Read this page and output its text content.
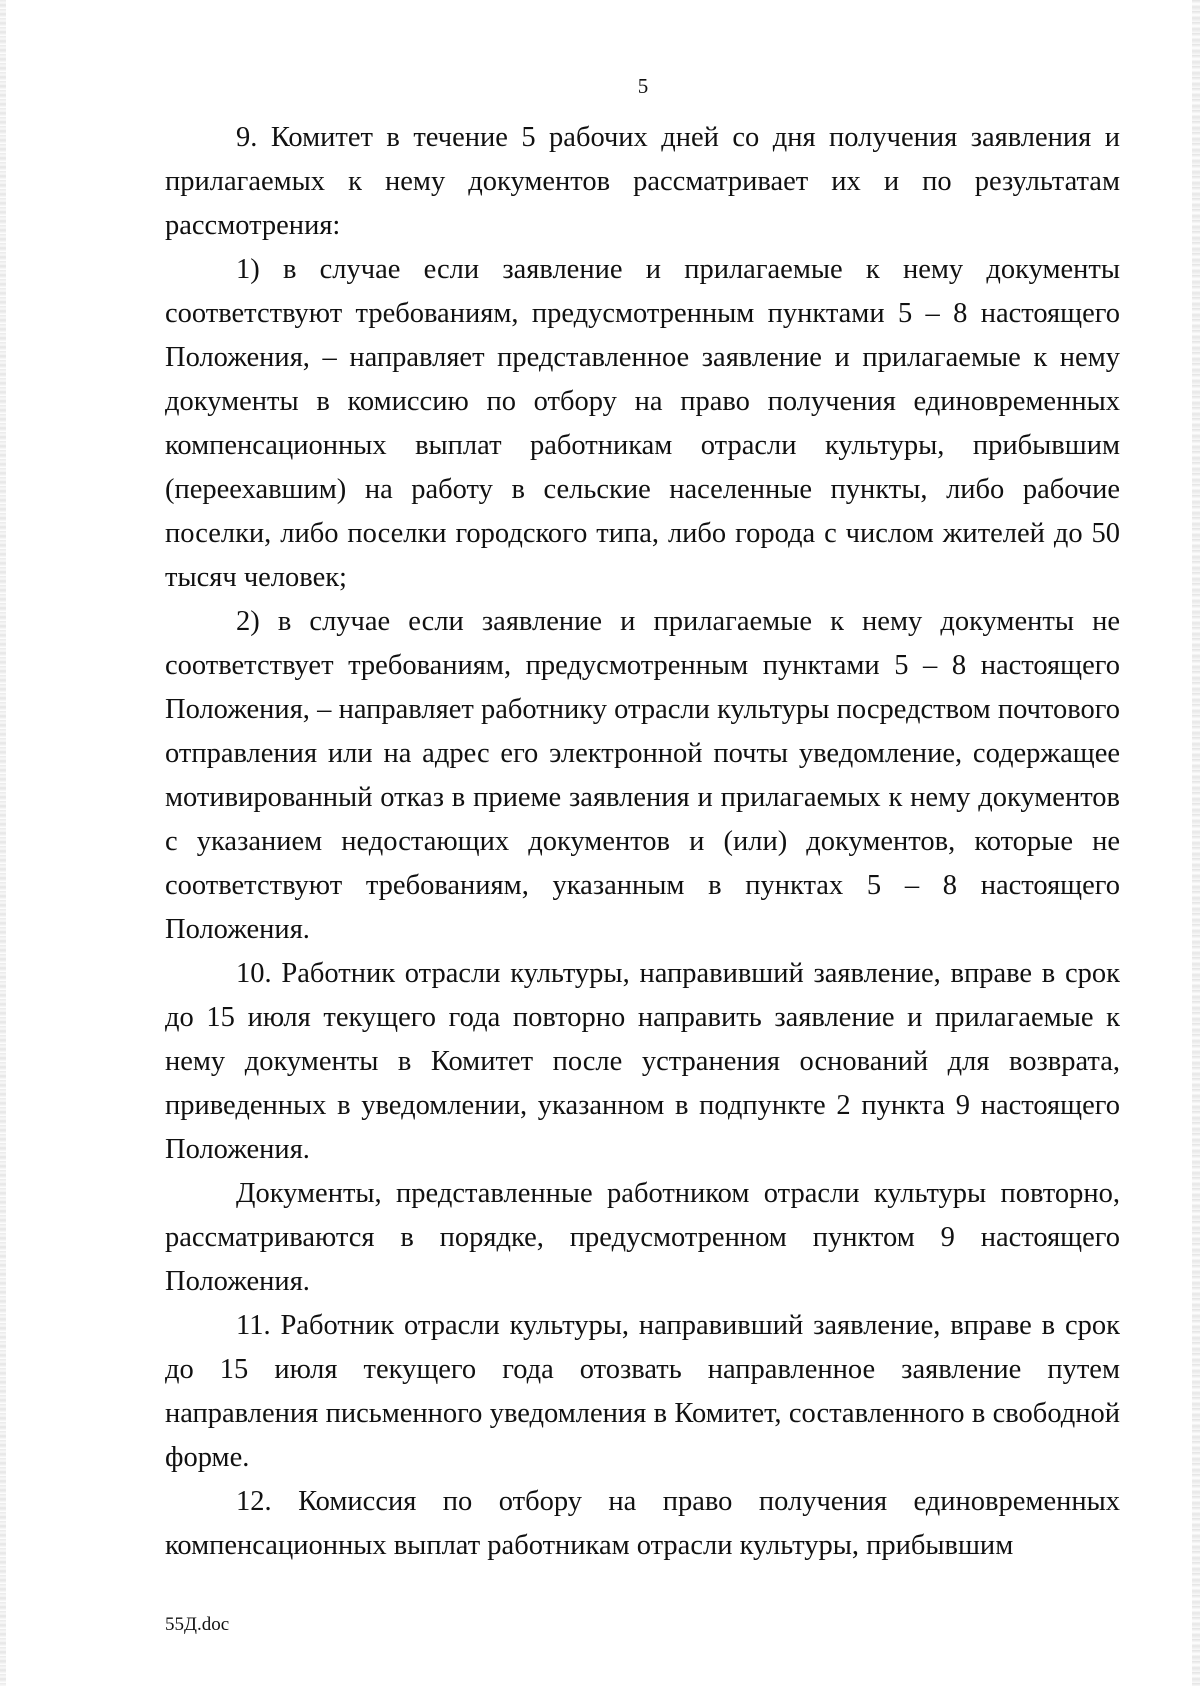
5

9. Комитет в течение 5 рабочих дней со дня получения заявления и прилагаемых к нему документов рассматривает их и по результатам рассмотрения:

1) в случае если заявление и прилагаемые к нему документы соответствуют требованиям, предусмотренным пунктами 5 – 8 настоящего Положения, – направляет представленное заявление и прилагаемые к нему документы в комиссию по отбору на право получения единовременных компенсационных выплат работникам отрасли культуры, прибывшим (переехавшим) на работу в сельские населенные пункты, либо рабочие поселки, либо поселки городского типа, либо города с числом жителей до 50 тысяч человек;

2) в случае если заявление и прилагаемые к нему документы не соответствует требованиям, предусмотренным пунктами 5 – 8 настоящего Положения, – направляет работнику отрасли культуры посредством почтового отправления или на адрес его электронной почты уведомление, содержащее мотивированный отказ в приеме заявления и прилагаемых к нему документов с указанием недостающих документов и (или) документов, которые не соответствуют требованиям, указанным в пунктах 5 – 8 настоящего Положения.

10. Работник отрасли культуры, направивший заявление, вправе в срок до 15 июля текущего года повторно направить заявление и прилагаемые к нему документы в Комитет после устранения оснований для возврата, приведенных в уведомлении, указанном в подпункте 2 пункта 9 настоящего Положения.

Документы, представленные работником отрасли культуры повторно, рассматриваются в порядке, предусмотренном пунктом 9 настоящего Положения.

11. Работник отрасли культуры, направивший заявление, вправе в срок до 15 июля текущего года отозвать направленное заявление путем направления письменного уведомления в Комитет, составленного в свободной форме.

12. Комиссия по отбору на право получения единовременных компенсационных выплат работникам отрасли культуры, прибывшим

55Д.doc
